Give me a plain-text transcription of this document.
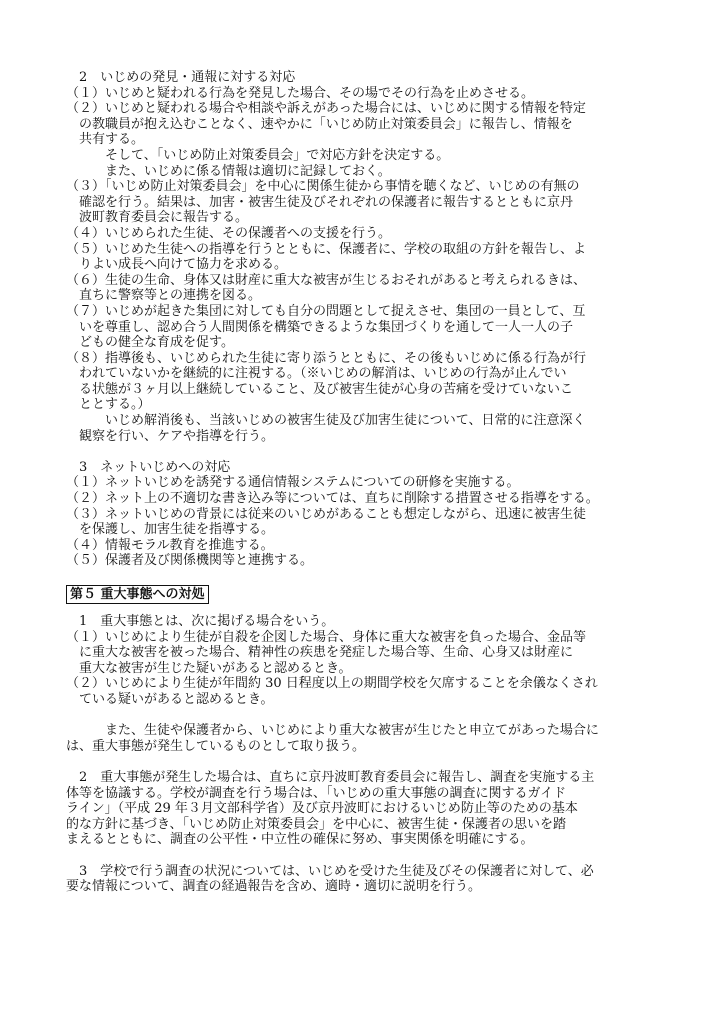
2　いじめの発見・通報に対する対応

（１）いじめと疑われる行為を発見した場合、その場でその行為を止めさせる。

（２）いじめと疑われる場合や相談や訴えがあった場合には、いじめに関する情報を特定

の教職員が抱え込むことなく、速やかに「いじめ防止対策委員会」に報告し、情報を

共有する。

そして、「いじめ防止対策委員会」で対応方針を決定する。

また、いじめに係る情報は適切に記録しておく。

（３）「いじめ防止対策委員会」を中心に関係生徒から事情を聴くなど、いじめの有無の

確認を行う。結果は、加害・被害生徒及びそれぞれの保護者に報告するとともに京丹

波町教育委員会に報告する。

（４）いじめられた生徒、その保護者への支援を行う。

（５）いじめた生徒への指導を行うとともに、保護者に、学校の取組の方針を報告し、よ

りよい成長へ向けて協力を求める。

（６）生徒の生命、身体又は財産に重大な被害が生じるおそれがあると考えられるきは、

直ちに警察等との連携を図る。

（７）いじめが起きた集団に対しても自分の問題として捉えさせ、集団の一員として、互

いを尊重し、認め合う人間関係を構築できるような集団づくりを通して一人一人の子

どもの健全な育成を促す。

（８）指導後も、いじめられた生徒に寄り添うとともに、その後もいじめに係る行為が行

われていないかを継続的に注視する。（※いじめの解消は、いじめの行為が止んでい

る状態が３ヶ月以上継続していること、及び被害生徒が心身の苦痛を受けていないこ

ととする。）

いじめ解消後も、当該いじめの被害生徒及び加害生徒について、日常的に注意深く

観察を行い、ケアや指導を行う。

3　ネットいじめへの対応

（１）ネットいじめを誘発する通信情報システムについての研修を実施する。

（２）ネット上の不適切な書き込み等については、直ちに削除する措置させる指導をする。

（３）ネットいじめの背景には従来のいじめがあることも想定しながら、迅速に被害生徒

を保護し、加害生徒を指導する。

（４）情報モラル教育を推進する。

（５）保護者及び関係機関等と連携する。

第５ 重大事態への対処

1　重大事態とは、次に掲げる場合をいう。

（１）いじめにより生徒が自殺を企図した場合、身体に重大な被害を負った場合、金品等

に重大な被害を被った場合、精神性の疾患を発症した場合等、生命、心身又は財産に

重大な被害が生じた疑いがあると認めるとき。

（２）いじめにより生徒が年間約 30 日程度以上の期間学校を欠席することを余儀なくされ

ている疑いがあると認めるとき。

また、生徒や保護者から、いじめにより重大な被害が生じたと申立てがあった場合に

は、重大事態が発生しているものとして取り扱う。

2　重大事態が発生した場合は、直ちに京丹波町教育委員会に報告し、調査を実施する主

体等を協議する。学校が調査を行う場合は、「いじめの重大事態の調査に関するガイド

ライン」（平成 29 年３月文部科学省）及び京丹波町におけるいじめ防止等のための基本

的な方針に基づき、「いじめ防止対策委員会」を中心に、被害生徒・保護者の思いを踏

まえるとともに、調査の公平性・中立性の確保に努め、事実関係を明確にする。

3　学校で行う調査の状況については、いじめを受けた生徒及びその保護者に対して、必

要な情報について、調査の経過報告を含め、適時・適切に説明を行う。
